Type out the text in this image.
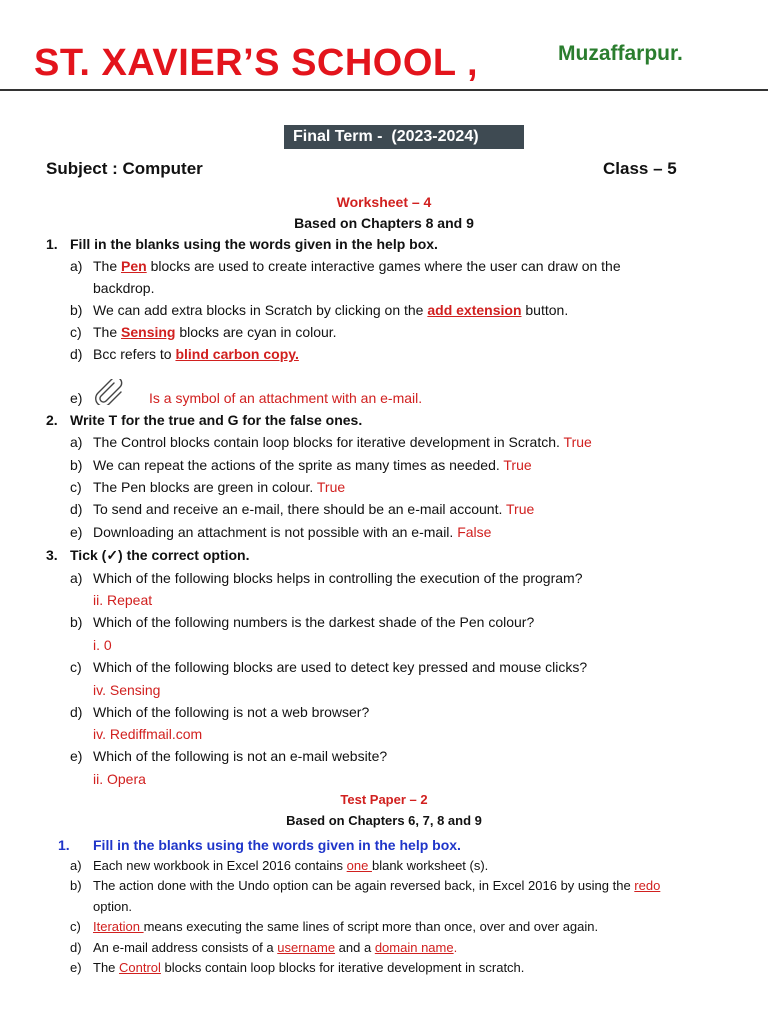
ST. XAVIER’S SCHOOL ,	Muzaffarpur.
Final Term -  (2023-2024)
Subject : Computer	Class – 5
Worksheet – 4
Based on Chapters 8 and 9
1. Fill in the blanks using the words given in the help box.
a) The Pen blocks are used to create interactive games where the user can draw on the
backdrop.
b) We can add extra blocks in Scratch by clicking on the add extension button.
c) The Sensing blocks are cyan in colour.
d) Bcc refers to blind carbon copy.
e)	Is a symbol of an attachment with an e-mail.
2. Write T for the true and G for the false ones.
a) The Control blocks contain loop blocks for iterative development in Scratch. True
b) We can repeat the actions of the sprite as many times as needed. True
c) The Pen blocks are green in colour. True
d) To send and receive an e-mail, there should be an e-mail account. True
e) Downloading an attachment is not possible with an e-mail. False
3. Tick (✓) the correct option.
a) Which of the following blocks helps in controlling the execution of the program?
ii. Repeat
b) Which of the following numbers is the darkest shade of the Pen colour?
i. 0
c) Which of the following blocks are used to detect key pressed and mouse clicks?
iv. Sensing
d) Which of the following is not a web browser?
iv. Rediffmail.com
e) Which of the following is not an e-mail website?
ii. Opera
Test Paper – 2
Based on Chapters 6, 7, 8 and 9
1. Fill in the blanks using the words given in the help box.
a) Each new workbook in Excel 2016 contains one blank worksheet (s).
b) The action done with the Undo option can be again reversed back, in Excel 2016 by using the redo
option.
c) Iteration means executing the same lines of script more than once, over and over again.
d) An e-mail address consists of a username and a domain name.
e) The Control blocks contain loop blocks for iterative development in scratch.
